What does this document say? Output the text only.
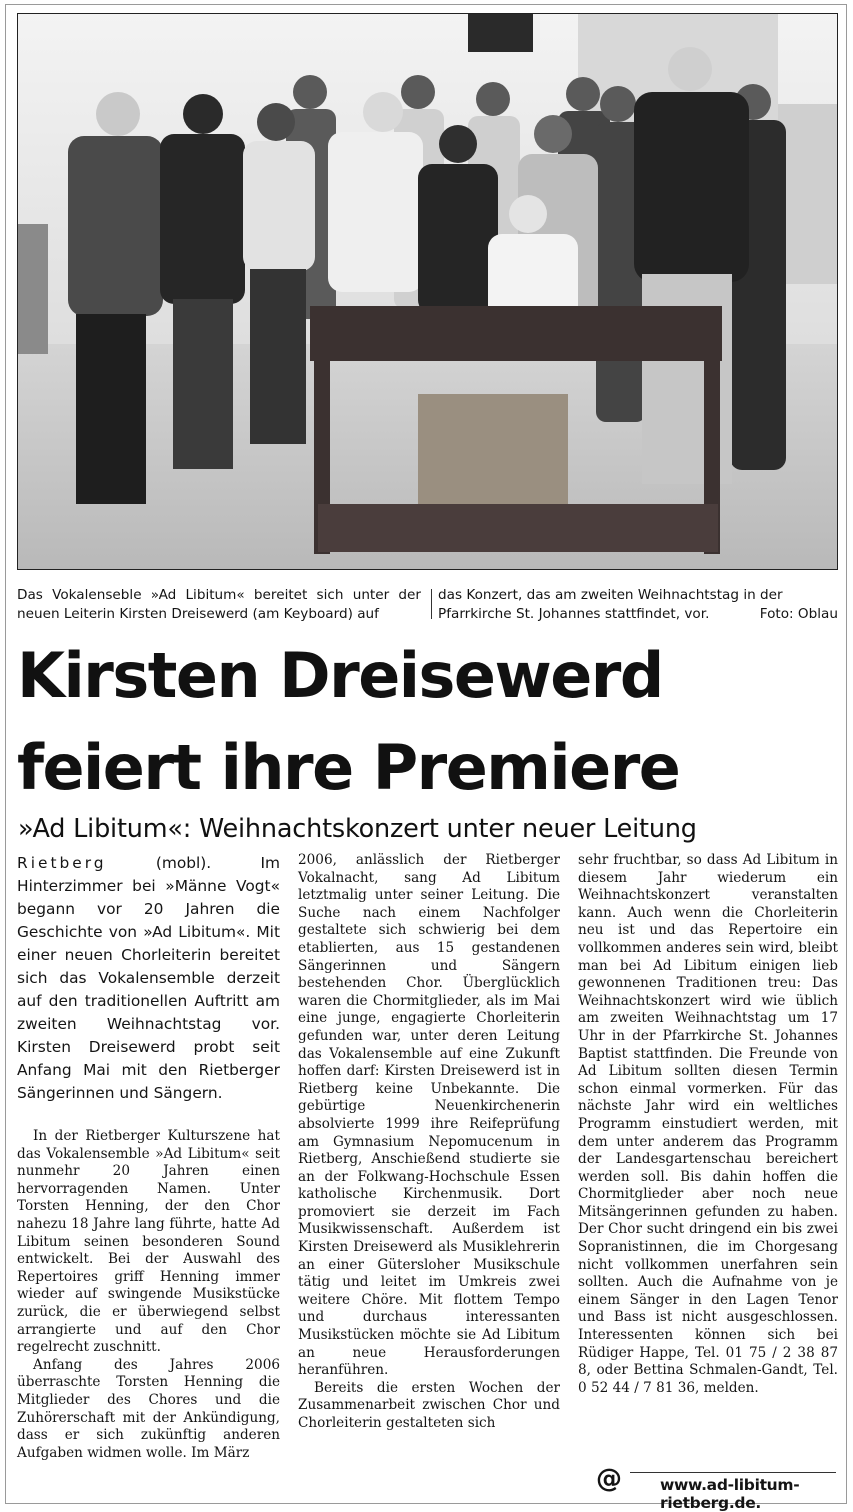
Das Vokalenseble »Ad Libitum« bereitet sich unter der neuen Leiterin Kirsten Dreisewerd (am Keyboard) auf
das Konzert, das am zweiten Weihnachtstag in der Pfarrkirche St. Johannes stattfindet, vor.	Foto: Oblau
Kirsten Dreisewerd
feiert ihre Premiere
»Ad Libitum«: Weihnachtskonzert unter neuer Leitung

Rietberg	(mobl). Im Hinterzimmer bei »Männe Vogt« begann vor 20 Jahren die Geschichte von »Ad Libitum«. Mit einer neuen Chorleiterin bereitet sich das Vokalensemble derzeit auf den traditionellen Auftritt am zweiten Weihnachtstag vor. Kirsten Dreisewerd probt seit Anfang Mai mit den Rietberger Sängerinnen und Sängern.

In der Rietberger Kulturszene hat das Vokalensemble »Ad Libitum« seit nunmehr 20 Jahren einen hervorragenden Namen. Unter Torsten Henning, der den Chor nahezu 18 Jahre lang führte, hatte Ad Libitum seinen besonderen Sound entwickelt. Bei der Auswahl des Repertoires griff Henning immer wieder auf swingende Musikstücke zurück, die er überwiegend selbst arrangierte und auf den Chor regelrecht zuschnitt.

Anfang des Jahres 2006 überraschte Torsten Henning die Mitglieder des Chores und die Zuhörerschaft mit der Ankündigung, dass er sich zukünftig anderen Aufgaben widmen wolle. Im März

2006, anlässlich der Rietberger Vokalnacht, sang Ad Libitum letztmalig unter seiner Leitung. Die Suche nach einem Nachfolger gestaltete sich schwierig bei dem etablierten, aus 15 gestandenen Sängerinnen und Sängern bestehenden Chor. Überglücklich waren die Chormitglieder, als im Mai eine junge, engagierte Chorleiterin gefunden war, unter deren Leitung das Vokalensemble auf eine Zukunft hoffen darf: Kirsten Dreisewerd ist in Rietberg keine Unbekannte. Die gebürtige Neuenkirchenerin absolvierte 1999 ihre Reifeprüfung am Gymnasium Nepomucenum in Rietberg, Anschießend studierte sie an der Folkwang-Hochschule Essen katholische Kirchenmusik. Dort promoviert sie derzeit im Fach Musikwissenschaft. Außerdem ist Kirsten Dreisewerd als Musiklehrerin an einer Gütersloher Musikschule tätig und leitet im Umkreis zwei weitere Chöre. Mit flottem Tempo und durchaus interessanten Musikstücken möchte sie Ad Libitum an neue Herausforderungen heranführen.

Bereits die ersten Wochen der Zusammenarbeit zwischen Chor und Chorleiterin gestalteten sich

sehr fruchtbar, so dass Ad Libitum in diesem Jahr wiederum ein Weihnachtskonzert veranstalten kann. Auch wenn die Chorleiterin neu ist und das Repertoire ein vollkommen anderes sein wird, bleibt man bei Ad Libitum einigen lieb gewonnenen Traditionen treu: Das Weihnachtskonzert wird wie üblich am zweiten Weihnachtstag um 17 Uhr in der Pfarrkirche St. Johannes Baptist stattfinden. Die Freunde von Ad Libitum sollten diesen Termin schon einmal vormerken. Für das nächste Jahr wird ein weltliches Programm einstudiert werden, mit dem unter anderem das Programm der Landesgartenschau bereichert werden soll. Bis dahin hoffen die Chormitglieder aber noch neue Mitsängerinnen gefunden zu haben. Der Chor sucht dringend ein bis zwei Sopranistinnen, die im Chorgesang nicht vollkommen unerfahren sein sollten. Auch die Aufnahme von je einem Sänger in den Lagen Tenor und Bass ist nicht ausgeschlossen. Interessenten können sich bei Rüdiger Happe, Tel. 01 75 / 2 38 87 8, oder Bettina Schmalen-Gandt, Tel. 0 52 44 / 7 81 36, melden.

@ www.ad-libitum-rietberg.de.
